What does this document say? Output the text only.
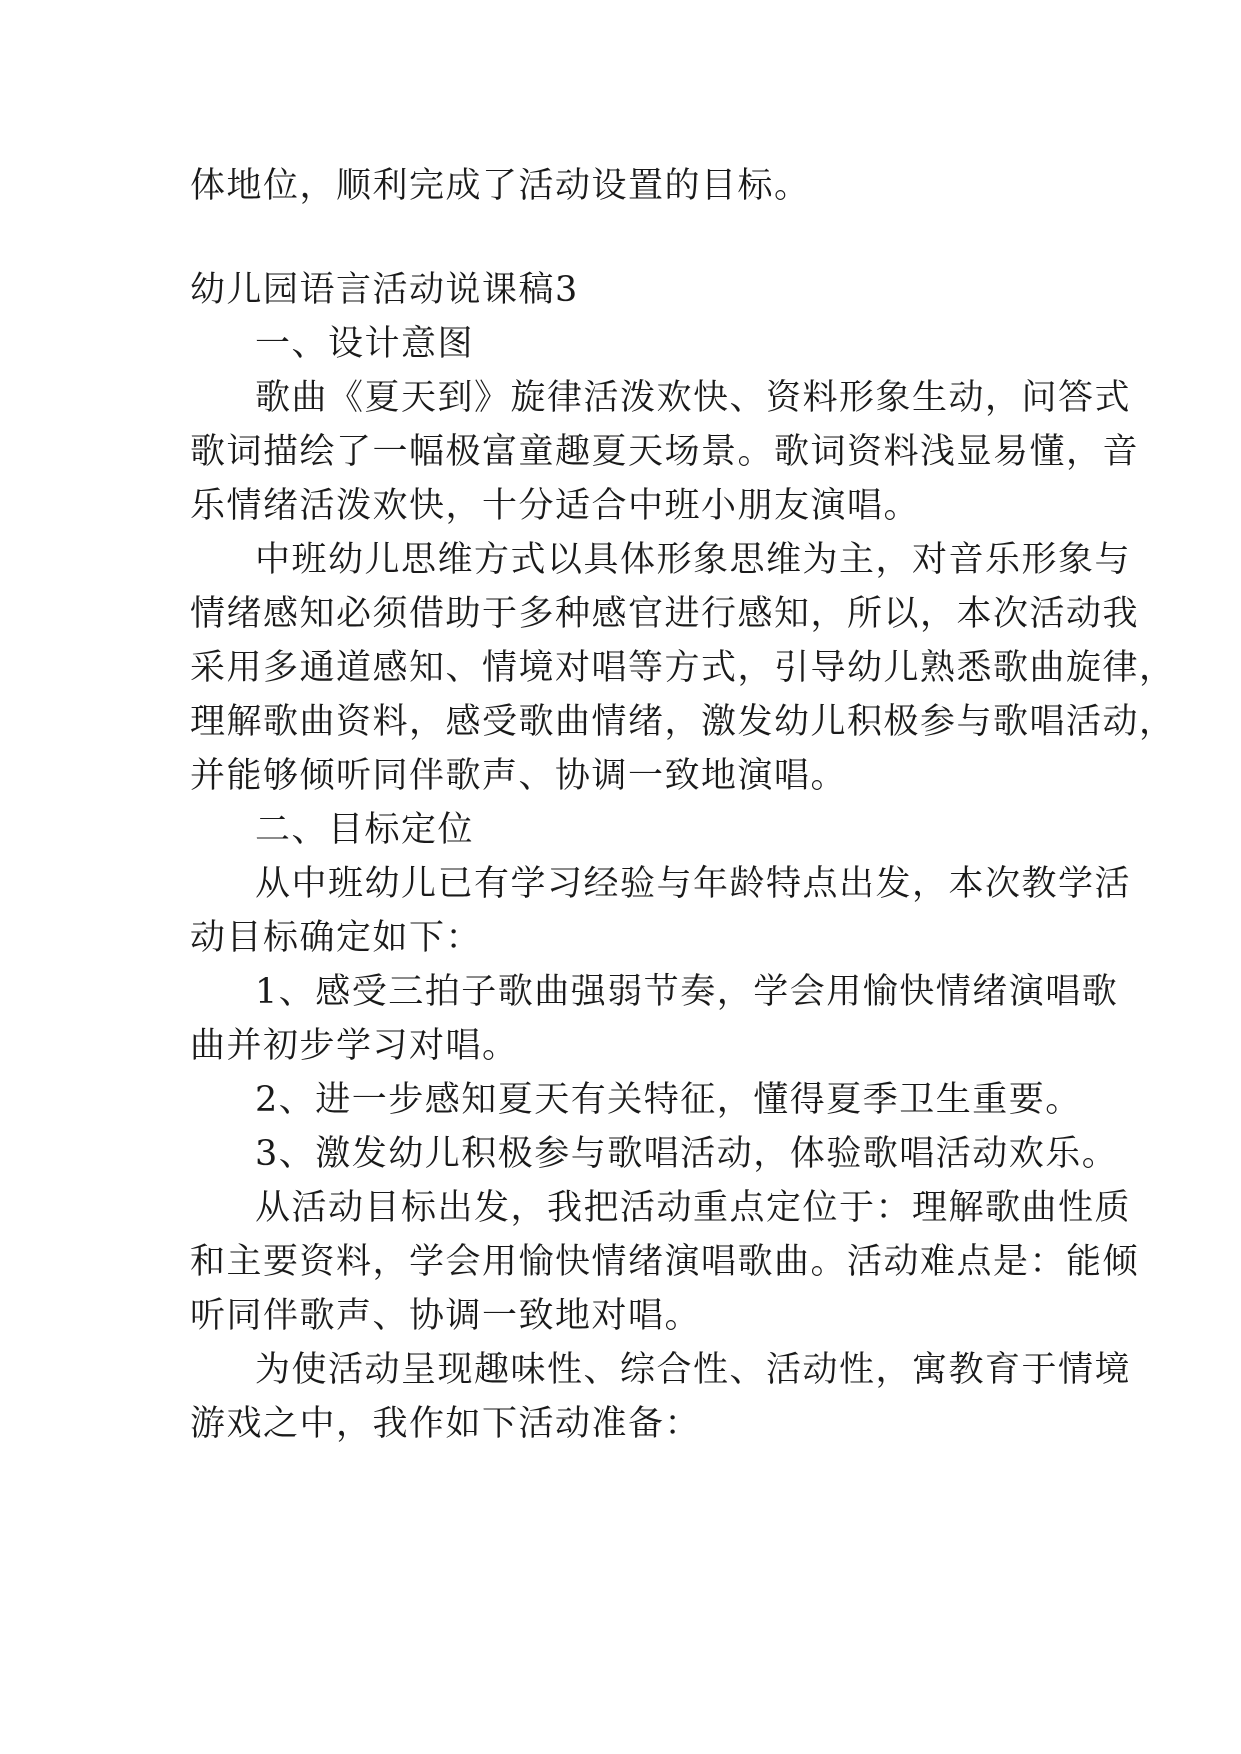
体地位，顺利完成了活动设置的目标。
幼儿园语言活动说课稿3
一、设计意图
歌曲《夏天到》旋律活泼欢快、资料形象生动，问答式
歌词描绘了一幅极富童趣夏天场景。歌词资料浅显易懂，音
乐情绪活泼欢快，十分适合中班小朋友演唱。
中班幼儿思维方式以具体形象思维为主，对音乐形象与
情绪感知必须借助于多种感官进行感知，所以，本次活动我
采用多通道感知、情境对唱等方式，引导幼儿熟悉歌曲旋律，
理解歌曲资料，感受歌曲情绪，激发幼儿积极参与歌唱活动，
并能够倾听同伴歌声、协调一致地演唱。
二、目标定位
从中班幼儿已有学习经验与年龄特点出发，本次教学活
动目标确定如下：
1、感受三拍子歌曲强弱节奏，学会用愉快情绪演唱歌
曲并初步学习对唱。
2、进一步感知夏天有关特征，懂得夏季卫生重要。
3、激发幼儿积极参与歌唱活动，体验歌唱活动欢乐。
从活动目标出发，我把活动重点定位于：理解歌曲性质
和主要资料，学会用愉快情绪演唱歌曲。活动难点是：能倾
听同伴歌声、协调一致地对唱。
为使活动呈现趣味性、综合性、活动性，寓教育于情境
游戏之中，我作如下活动准备：
